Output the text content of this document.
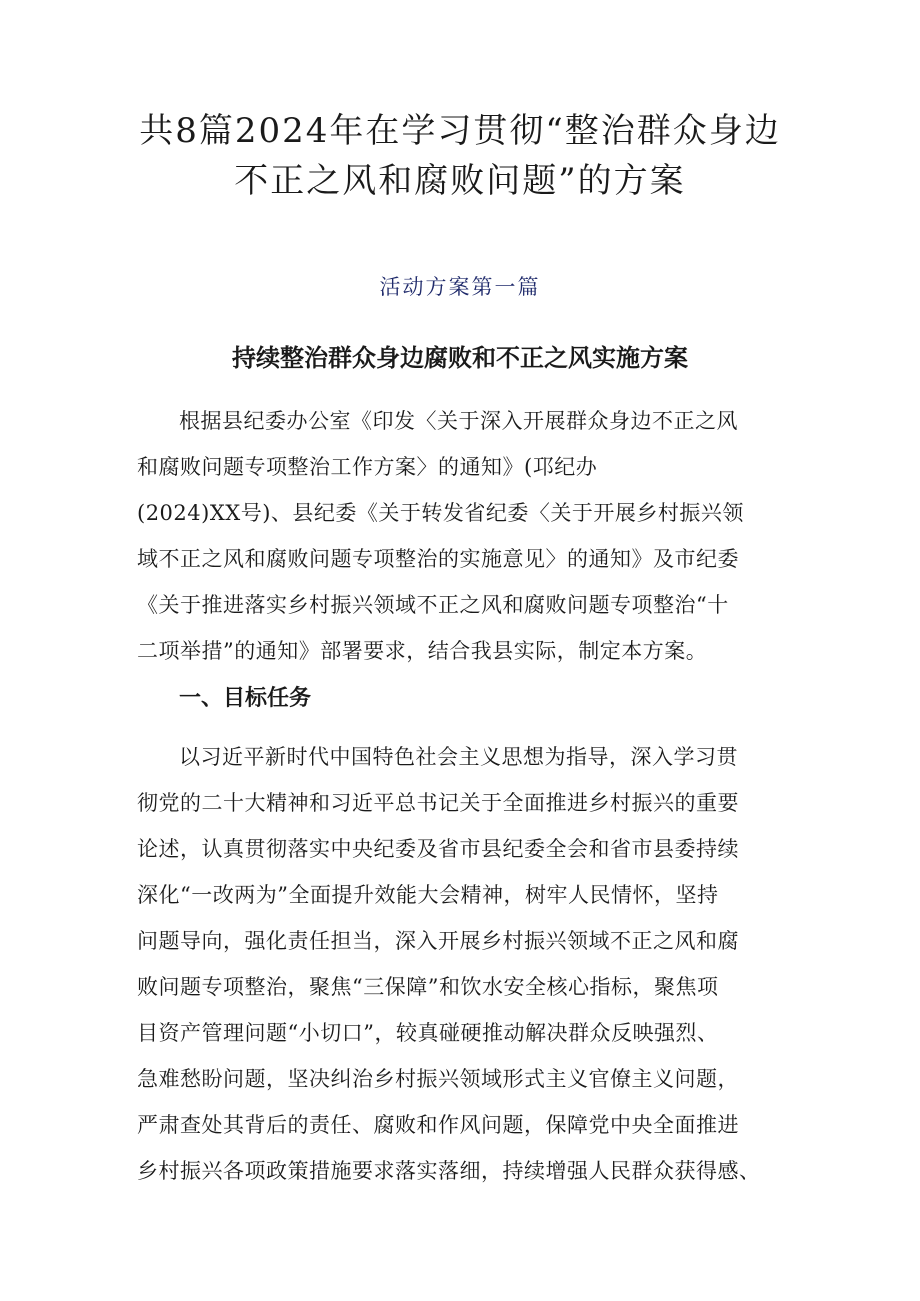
共8篇2024年在学习贯彻“整治群众身边
不正之风和腐败问题”的方案
活动方案第一篇
持续整治群众身边腐败和不正之风实施方案
根据县纪委办公室《印发〈关于深入开展群众身边不正之风
和腐败问题专项整治工作方案〉的通知》(邛纪办
(2024)XX号)、县纪委《关于转发省纪委〈关于开展乡村振兴领
域不正之风和腐败问题专项整治的实施意见〉的通知》及市纪委
《关于推进落实乡村振兴领域不正之风和腐败问题专项整治“十
二项举措”的通知》部署要求，结合我县实际，制定本方案。
一、目标任务
以习近平新时代中国特色社会主义思想为指导，深入学习贯
彻党的二十大精神和习近平总书记关于全面推进乡村振兴的重要
论述，认真贯彻落实中央纪委及省市县纪委全会和省市县委持续
深化“一改两为”全面提升效能大会精神，树牢人民情怀，坚持
问题导向，强化责任担当，深入开展乡村振兴领域不正之风和腐
败问题专项整治，聚焦“三保障”和饮水安全核心指标，聚焦项
目资产管理问题“小切口”，较真碰硬推动解决群众反映强烈、
急难愁盼问题，坚决纠治乡村振兴领域形式主义官僚主义问题，
严肃查处其背后的责任、腐败和作风问题，保障党中央全面推进
乡村振兴各项政策措施要求落实落细，持续增强人民群众获得感、
